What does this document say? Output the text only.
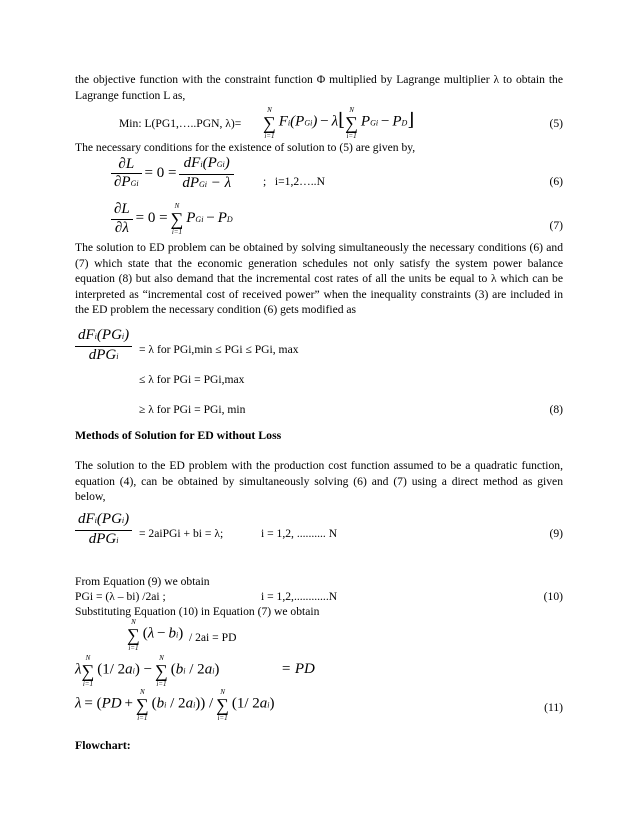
the objective function with the constraint function Φ multiplied by Lagrange multiplier λ to obtain the Lagrange function L as,

Min: L(PG1,…..PGN, λ)=
N
∑
i=1
Fi(PGi) − λ⌊ N
∑
i=1
PGi − PD⌋	(5)

The necessary conditions for the existence of solution to (5) are given by,

$\frac{\partial L}{\text{∂PGi}} = 0 = \frac{\text{dFi(PGi)}}{\text{dPGi − λ}}$ ;   i=1,2…..N	(6)
$\frac{\partial L}{\partial\lambda} = 0$ =
N
∑
i=1
PGi − PD	(7)

The solution to ED problem can be obtained by solving simultaneously the necessary conditions (6) and (7) which state that the economic generation schedules not only satisfy the system power balance equation (8) but also demand that the incremental cost rates of all the units be equal to λ which can be interpreted as “incremental cost of received power” when the inequality constraints (3) are included in the ED problem the necessary condition (6) gets modified as

$\frac{\text{dFi(PGi)}}{\text{dPGi}} = \lambda$ for PGi,min ≤ PGi ≤ PGi, max
≤ λ for PGi = PGi,max
≥ λ for PGi = PGi, min	(8)
Methods of Solution for ED without Loss

The solution to the ED problem with the production cost function assumed to be a quadratic function, equation (4), can be obtained by simultaneously solving (6) and (7) using a direct method as given below,

$\frac{\text{dFi(PGi)}}{\text{dPGi}}$ = 2aiPGi + bi = λ;	i = 1,2, .......... N	(9)

From Equation (9) we obtain

PGi = (λ – bi) /2ai ;	i = 1,2,............N	(10)

Substituting Equation (10) in Equation (7) we obtain

N
∑
i=1
(λ − bi) / 2ai = PD
λ
N
∑
i=1
(1/ 2ai) −
N
∑
i=1
(bi / 2ai)	= PD
λ = (PD +
N
∑
i=1
(bi / 2ai)) /
N
∑
i=1
(1/ 2ai)	(11)
Flowchart:
